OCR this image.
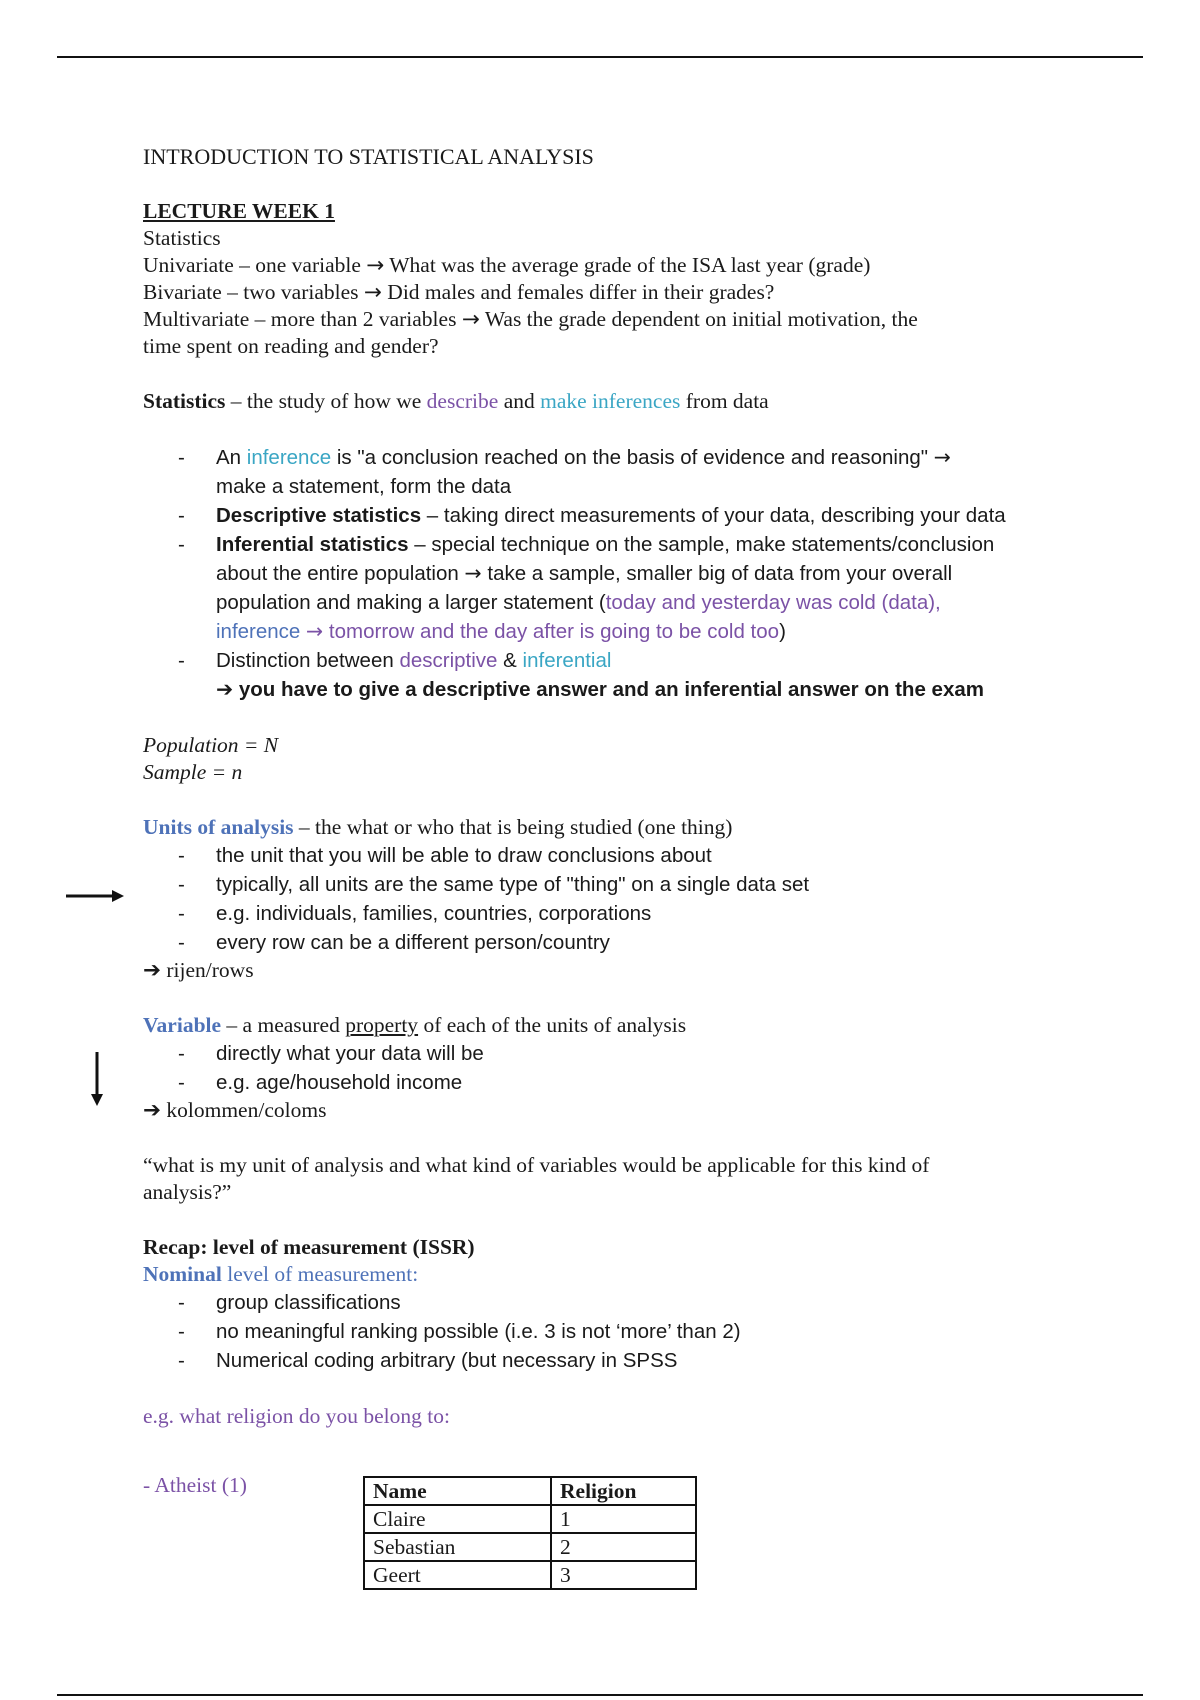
INTRODUCTION TO STATISTICAL ANALYSIS
LECTURE WEEK 1
Statistics
Univariate – one variable → What was the average grade of the ISA last year (grade)
Bivariate – two variables → Did males and females differ in their grades?
Multivariate – more than 2 variables → Was the grade dependent on initial motivation, the
time spent on reading and gender?
Statistics – the study of how we describe and make inferences from data
- An inference is "a conclusion reached on the basis of evidence and reasoning" →
make a statement, form the data
- Descriptive statistics – taking direct measurements of your data, describing your data
- Inferential statistics – special technique on the sample, make statements/conclusion
about the entire population → take a sample, smaller big of data from your overall
population and making a larger statement (today and yesterday was cold (data),
inference → tomorrow and the day after is going to be cold too)
- Distinction between descriptive & inferential
➔ you have to give a descriptive answer and an inferential answer on the exam
Population = N
Sample = n
Units of analysis – the what or who that is being studied (one thing)
- the unit that you will be able to draw conclusions about
- typically, all units are the same type of "thing" on a single data set
- e.g. individuals, families, countries, corporations
- every row can be a different person/country
➔ rijen/rows
Variable – a measured property of each of the units of analysis
- directly what your data will be
- e.g. age/household income
➔ kolommen/coloms
“what is my unit of analysis and what kind of variables would be applicable for this kind of
analysis?”
Recap: level of measurement (ISSR)
Nominal level of measurement:
- group classifications
- no meaningful ranking possible (i.e. 3 is not ‘more’ than 2)
- Numerical coding arbitrary (but necessary in SPSS
e.g. what religion do you belong to:
- Atheist (1)	Name	Religion
Claire	1
Sebastian	2
Geert	3
